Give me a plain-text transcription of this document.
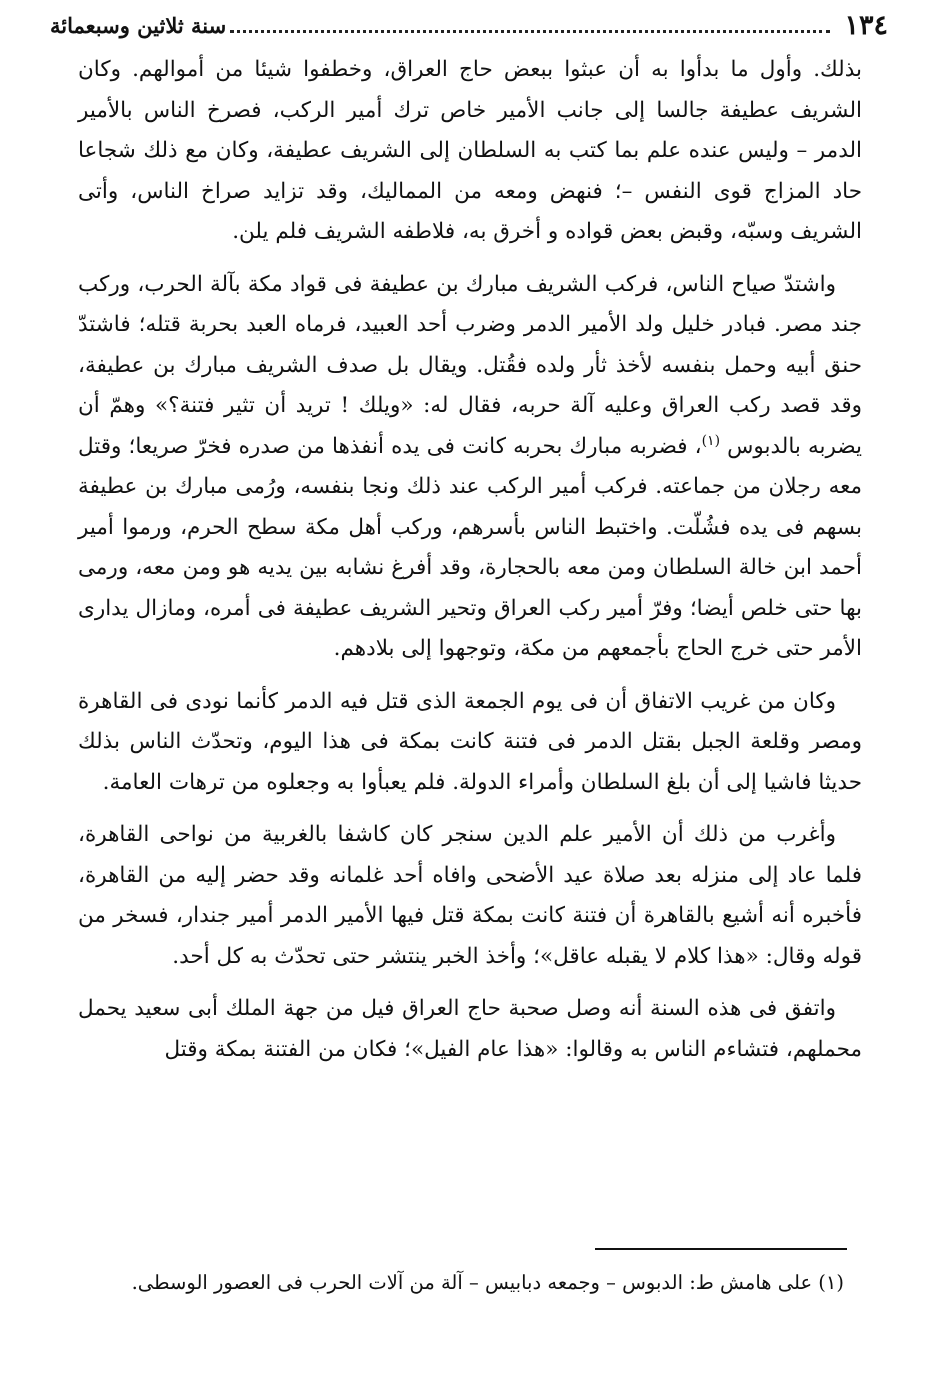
١٣٤
سنة ثلاثين وسبعمائة

بذلك. وأول ما بدأوا به أن عبثوا ببعض حاج العراق، وخطفوا شيئا من أموالهم. وكان الشريف عطيفة جالسا إلى جانب الأمير خاص ترك أمير الركب، فصرخ الناس بالأمير الدمر – وليس عنده علم بما كتب به السلطان إلى الشريف عطيفة، وكان مع ذلك شجاعا حاد المزاج قوى النفس –؛ فنهض ومعه من المماليك، وقد تزايد صراخ الناس، وأتى الشريف وسبّه، وقبض بعض قواده و أخرق به، فلاطفه الشريف فلم يلن.

واشتدّ صياح الناس، فركب الشريف مبارك بن عطيفة فى قواد مكة بآلة الحرب، وركب جند مصر. فبادر خليل ولد الأمير الدمر وضرب أحد العبيد، فرماه العبد بحربة قتله؛ فاشتدّ حنق أبيه وحمل بنفسه لأخذ ثأر ولده فقُتل. ويقال بل صدف الشريف مبارك بن عطيفة، وقد قصد ركب العراق وعليه آلة حربه، فقال له: «ويلك ! تريد أن تثير فتنة؟» وهمّ أن يضربه بالدبوس $^{(١)}$، فضربه مبارك بحربه كانت فى يده أنفذها من صدره فخرّ صريعا؛ وقتل معه رجلان من جماعته. فركب أمير الركب عند ذلك ونجا بنفسه، ورُمى مبارك بن عطيفة بسهم فى يده فشُلّت. واختبط الناس بأسرهم، وركب أهل مكة سطح الحرم، ورموا أمير أحمد ابن خالة السلطان ومن معه بالحجارة، وقد أفرغ نشابه بين يديه هو ومن معه، ورمى بها حتى خلص أيضا؛ وفرّ أمير ركب العراق وتحير الشريف عطيفة فى أمره، ومازال يدارى الأمر حتى خرج الحاج بأجمعهم من مكة، وتوجهوا إلى بلادهم.

وكان من غريب الاتفاق أن فى يوم الجمعة الذى قتل فيه الدمر كأنما نودى فى القاهرة ومصر وقلعة الجبل بقتل الدمر فى فتنة كانت بمكة فى هذا اليوم، وتحدّث الناس بذلك حديثا فاشيا إلى أن بلغ السلطان وأمراء الدولة. فلم يعبأوا به وجعلوه من ترهات العامة.

وأغرب من ذلك أن الأمير علم الدين سنجر كان كاشفا بالغربية من نواحى القاهرة، فلما عاد إلى منزله بعد صلاة عيد الأضحى وافاه أحد غلمانه وقد حضر إليه من القاهرة، فأخبره أنه أشيع بالقاهرة أن فتنة كانت بمكة قتل فيها الأمير الدمر أمير جندار، فسخر من قوله وقال: «هذا كلام لا يقبله عاقل»؛ وأخذ الخبر ينتشر حتى تحدّث به كل أحد.

واتفق فى هذه السنة أنه وصل صحبة حاج العراق فيل من جهة الملك أبى سعيد يحمل محملهم، فتشاءم الناس به وقالوا: «هذا عام الفيل»؛ فكان من الفتنة بمكة وقتل

(١) على هامش ط: الدبوس – وجمعه دبابيس – آلة من آلات الحرب فى العصور الوسطى.
